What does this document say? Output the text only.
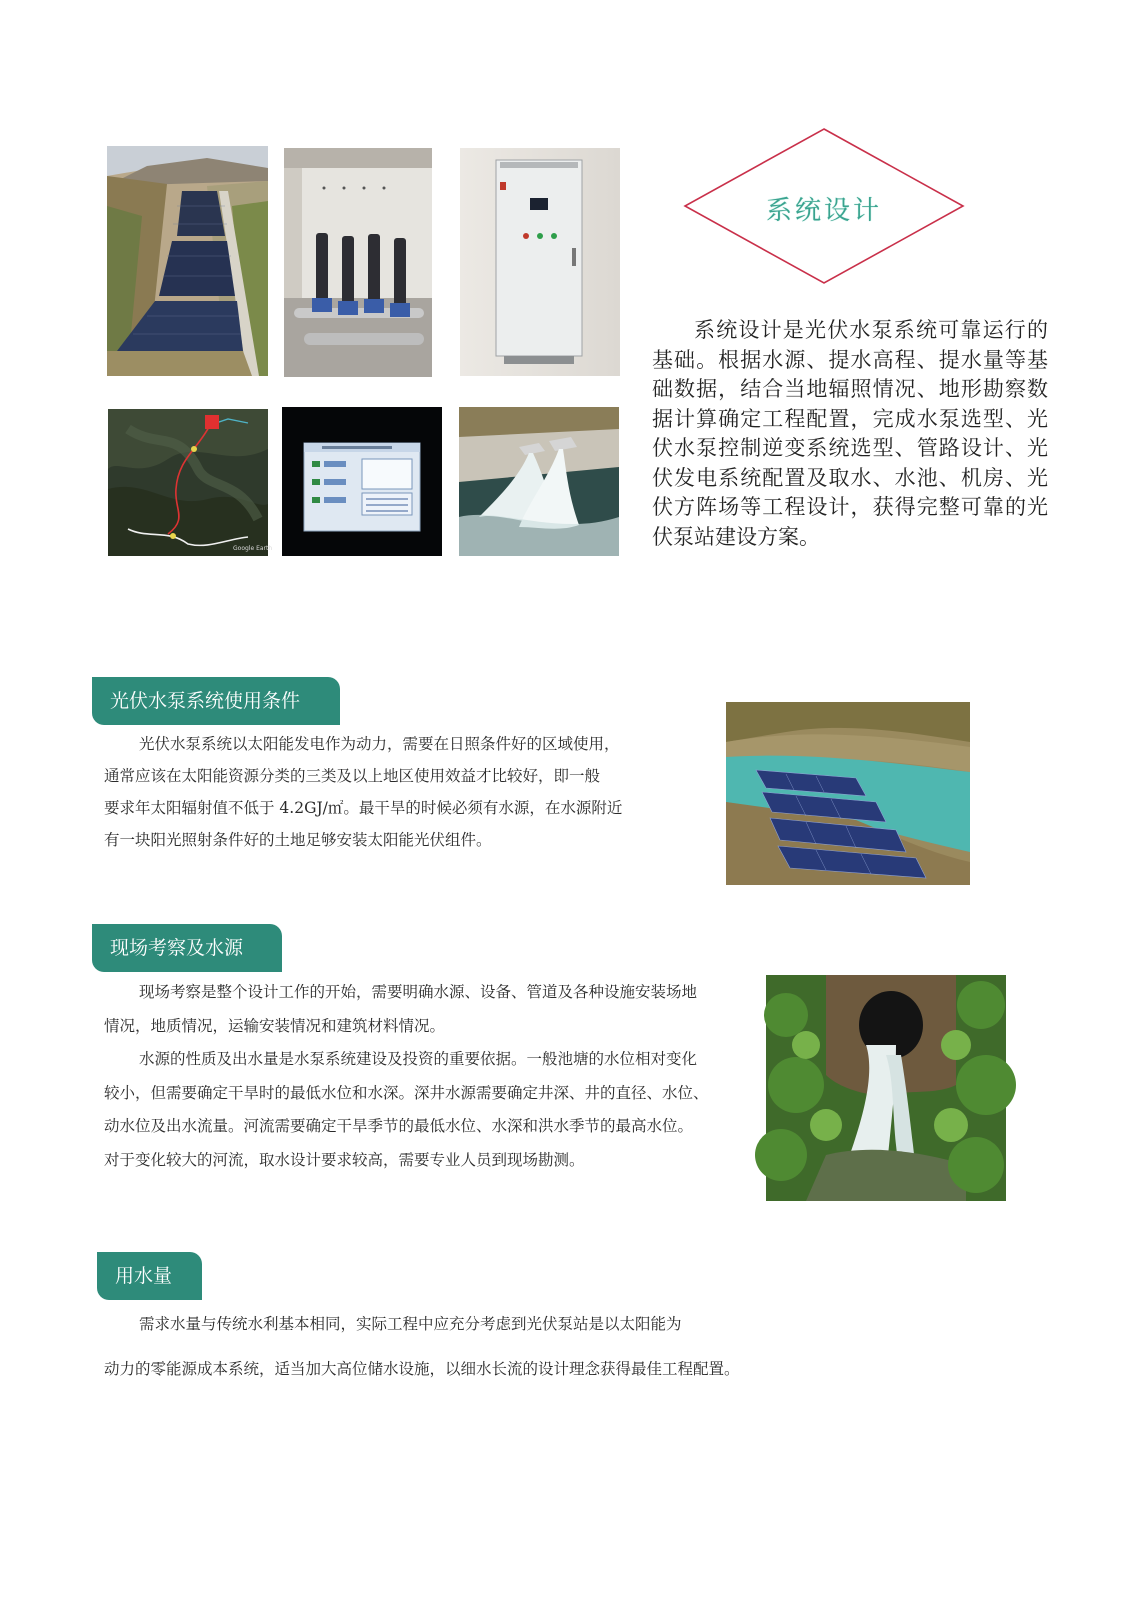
Google Earth
系统设计

系统设计是光伏水泵系统可靠运行的基础。根据水源、提水高程、提水量等基础数据，结合当地辐照情况、地形勘察数据计算确定工程配置，完成水泵选型、光伏水泵控制逆变系统选型、管路设计、光伏发电系统配置及取水、水池、机房、光伏方阵场等工程设计，获得完整可靠的光伏泵站建设方案。

光伏水泵系统使用条件

光伏水泵系统以太阳能发电作为动力，需要在日照条件好的区域使用，
通常应该在太阳能资源分类的三类及以上地区使用效益才比较好，即一般
要求年太阳辐射值不低于 4.2GJ/㎡。最干旱的时候必须有水源，在水源附近
有一块阳光照射条件好的土地足够安装太阳能光伏组件。

现场考察及水源

现场考察是整个设计工作的开始，需要明确水源、设备、管道及各种设施安装场地
情况，地质情况，运输安装情况和建筑材料情况。
水源的性质及出水量是水泵系统建设及投资的重要依据。一般池塘的水位相对变化
较小，但需要确定干旱时的最低水位和水深。深井水源需要确定井深、井的直径、水位、
动水位及出水流量。河流需要确定干旱季节的最低水位、水深和洪水季节的最高水位。
对于变化较大的河流，取水设计要求较高，需要专业人员到现场勘测。

用水量

需求水量与传统水利基本相同，实际工程中应充分考虑到光伏泵站是以太阳能为
动力的零能源成本系统，适当加大高位储水设施，以细水长流的设计理念获得最佳工程配置。
